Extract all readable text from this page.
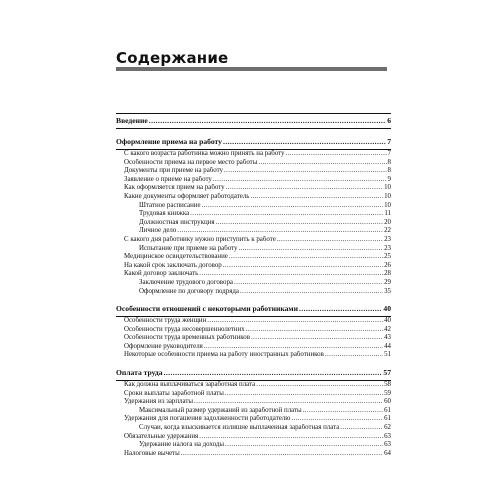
Содержание
Введение .....	6
Оформление приема на работу .....	7
С какого возраста работника можно принять на работу .....	7
Особенности приема на первое место работы .....	8
Документы при приеме на работу .....	8
Заявление о приеме на работу .....	9
Как оформляется прием на работу .....	10
Какие документы оформляет работодатель .....	10
Штатное расписание .....	10
Трудовая книжка .....	11
Должностная инструкция .....	20
Личное дело .....	22
С какого дня работнику нужно приступить к работе .....	23
Испытание при приеме на работу .....	23
Медицинское освидетельствование .....	25
На какой срок заключать договор .....	26
Какой договор заключать .....	28
Заключение трудового договора .....	29
Оформление по договору подряда .....	35
Особенности отношений с некоторыми работниками .....	40
Особенности труда женщин .....	40
Особенности труда несовершеннолетних .....	42
Особенности труда временных работников .....	43
Оформление руководителя .....	44
Некоторые особенности приема на работу иностранных работников .....	51
Оплата труда .....	57
Как должна выплачиваться заработная плата .....	58
Сроки выплаты заработной платы .....	59
Удержания из зарплаты .....	60
Максимальный размер удержаний из заработной платы .....	61
Удержания для погашения задолженности работодателю .....	61
Случаи, когда взыскивается излишне выплаченная заработная плата .....	62
Обязательные удержания .....	63
Удержание налога на доходы .....	63
Налоговые вычеты .....	64
